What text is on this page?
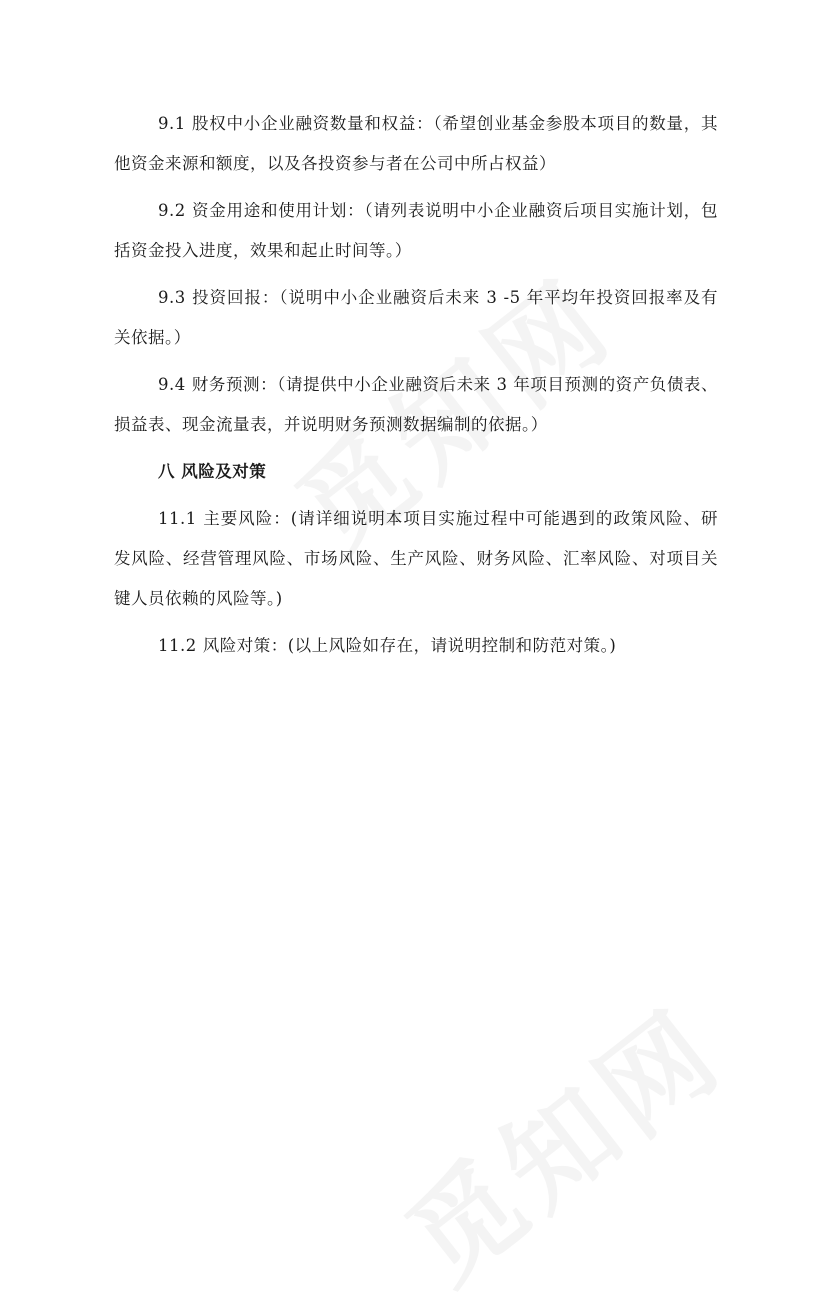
9.1 股权中小企业融资数量和权益：（希望创业基金参股本项目的数量，其他资金来源和额度，以及各投资参与者在公司中所占权益）

9.2 资金用途和使用计划：（请列表说明中小企业融资后项目实施计划，包括资金投入进度，效果和起止时间等。）

9.3 投资回报：（说明中小企业融资后未来 3 -5 年平均年投资回报率及有关依据。）

9.4 财务预测：（请提供中小企业融资后未来 3 年项目预测的资产负债表、损益表、现金流量表，并说明财务预测数据编制的依据。）

八 风险及对策

11.1 主要风险：(请详细说明本项目实施过程中可能遇到的政策风险、研发风险、经营管理风险、市场风险、生产风险、财务风险、汇率风险、对项目关键人员依赖的风险等。)

11.2 风险对策：(以上风险如存在，请说明控制和防范对策。)
